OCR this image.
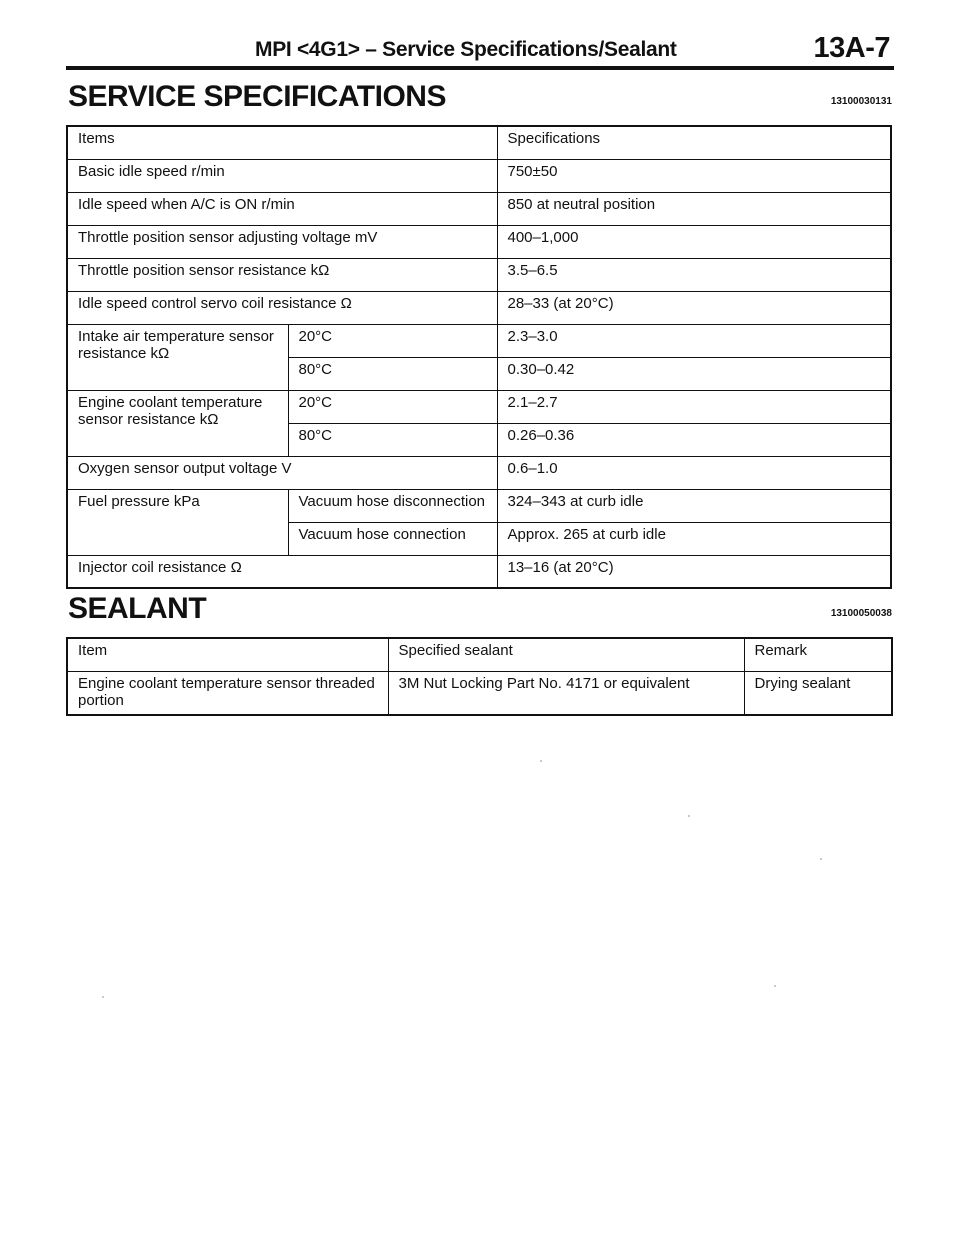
MPI <4G1> – Service Specifications/Sealant	13A-7
SERVICE SPECIFICATIONS	13100030131
Items		Specifications
Basic idle speed r/min		750±50
Idle speed when A/C is ON r/min		850 at neutral position
Throttle position sensor adjusting voltage mV		400–1,000
Throttle position sensor resistance kΩ		3.5–6.5
Idle speed control servo coil resistance Ω		28–33 (at 20°C)
Intake air temperature sensor resistance kΩ	20°C	2.3–3.0
	80°C	0.30–0.42
Engine coolant temperature sensor resistance kΩ	20°C	2.1–2.7
	80°C	0.26–0.36
Oxygen sensor output voltage V		0.6–1.0
Fuel pressure kPa	Vacuum hose disconnection	324–343 at curb idle
	Vacuum hose connection	Approx. 265 at curb idle
Injector coil resistance Ω		13–16 (at 20°C)
SEALANT	13100050038
Item	Specified sealant	Remark
Engine coolant temperature sensor threaded portion	3M Nut Locking Part No. 4171 or equivalent	Drying sealant
